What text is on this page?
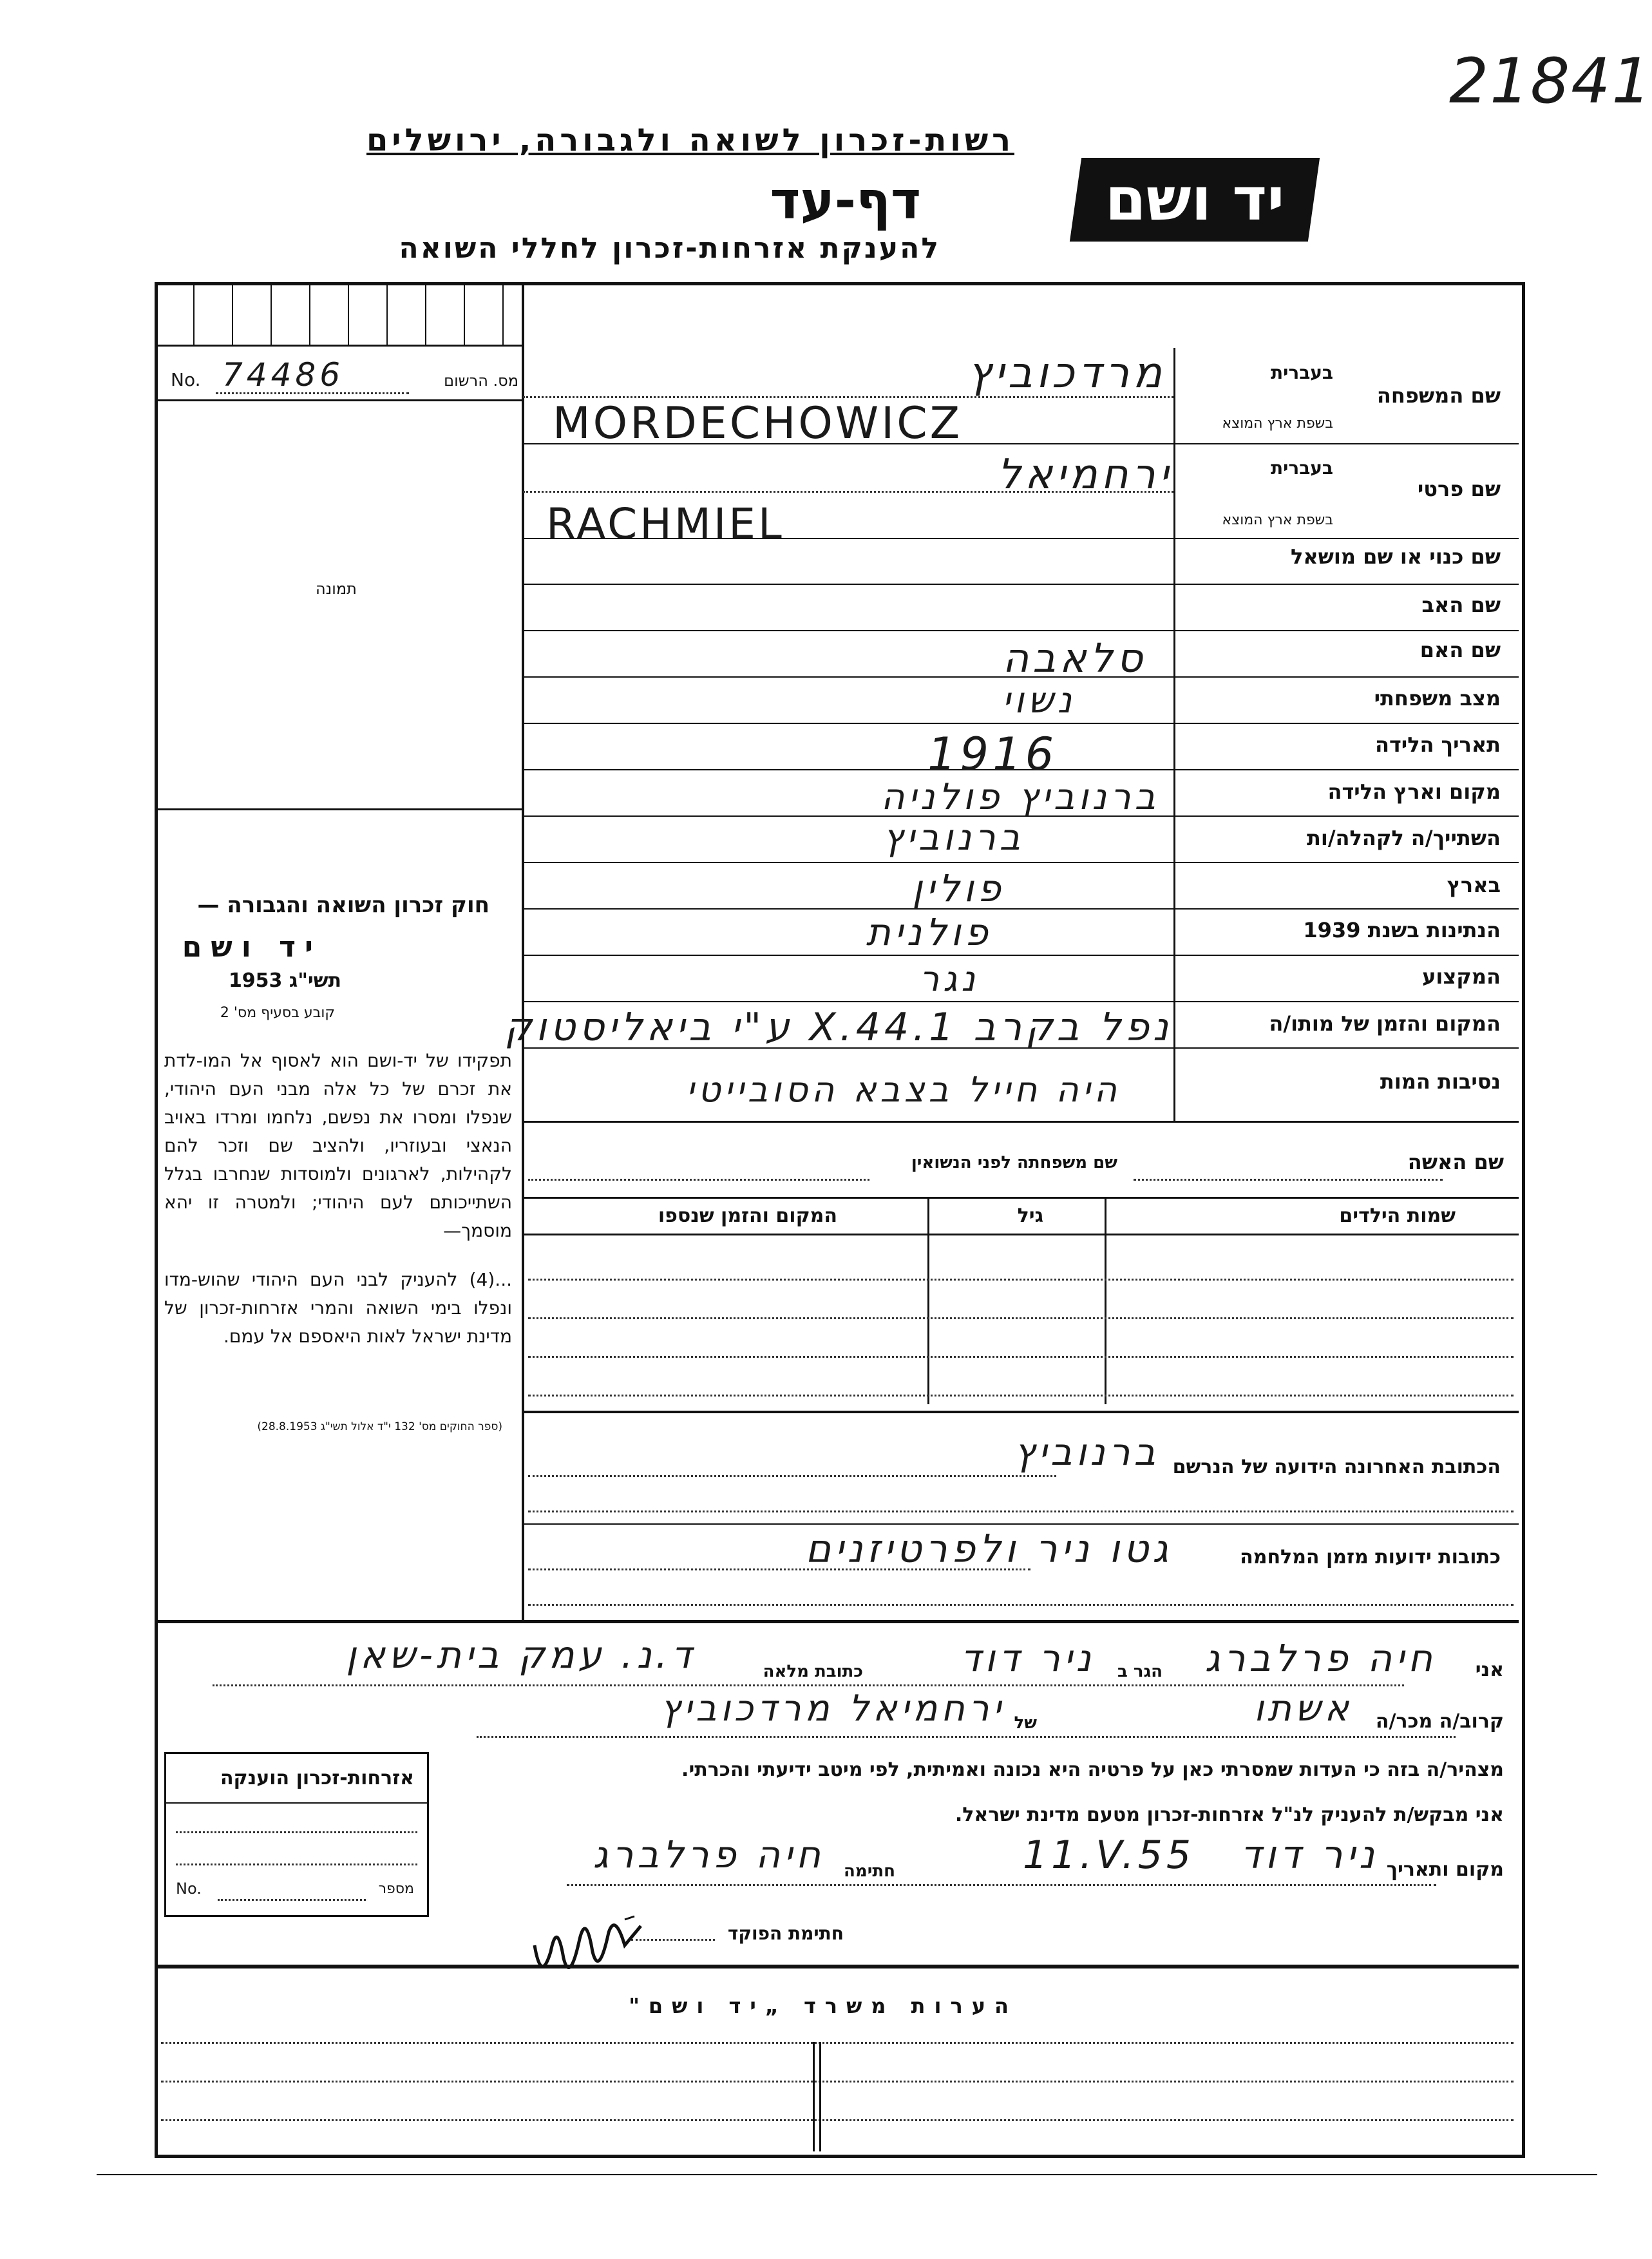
21841
רשות-זכרון לשואה ולגבורה, ירושלים
דף-עד
להענקת אזרחות-זכרון לחללי השואה
יד ושם
No. 74486	מס. הרשום
תמונה
חוק זכרון השואה והגבורה —
יד ושם
תשי"ג 1953
קובע בסעיף מס' 2
תפקידו של יד-ושם הוא לאסוף אל המו-לדת את זכרם של כל אלה מבני העם היהודי, שנפלו ומסרו את נפשם, נלחמו ומרדו באויב הנאצי ובעוזריו, ולהציב שם וזכר להם לקהילות, לארגונים ולמוסדות שנחרבו בגלל השתייכותם לעם היהודי; ולמטרה זו יהא מוסמך—
...(4) להעניק לבני העם היהודי שהוש-מדו ונפלו בימי השואה והמרי אזרחות-זכרון של מדינת ישראל לאות היאספם אל עמם.
(ספר החוקים מס' 132 י"ד אלול תשי"ג 28.8.1953)
שם המשפחה
בעברית
בשפת ארץ המוצא
מרדכוביץ
MORDECHOWICZ
שם פרטי
בעברית
בשפת ארץ המוצא
ירחמיאל
RACHMIEL
שם כנוי או שם מושאל
שם האב
שם האם
סלאבה
מצב משפחתי
נשוי
תאריך הלידה
1916
מקום וארץ הלידה
ברנוביץ פולניה
השתייך/ה לקהלה/ות
ברנוביץ
בארץ
פולין
הנתינות בשנת 1939
פולנית
המקצוע
נגר
המקום והזמן של מותו/ה
נפל בקרב 1.X.44 ע"י ביאליסטוק
נסיבות המות
היה חייל בצבא הסובייטי
שם האשה
שם משפחתה לפני הנשואין
שמות הילדים
גיל
המקום והזמן שנספו
הכתובת האחרונה הידועה של הנרשם
ברנוביץ
כתובות ידועות מזמן המלחמה
גטו ניר ולפרטיזנים
אני
חיה פרלברג
הגר ב
ניר דוד
כתובת מלאה
ד.נ. עמק בית-שאן
קרוב/ה מכר/ה
אשתו
של
ירחמיאל מרדכוביץ
מצהיר/ה בזה כי העדות שמסרתי כאן על פרטיה היא נכונה ואמיתית, לפי מיטב ידיעתי והכרתי.
אני מבקש/ת להעניק לנ"ל אזרחות-זכרון מטעם מדינת ישראל.
מקום ותאריך
ניר דוד
11.V.55
חתימה
חיה פרלברג
חתימת הפוקד
אזרחות-זכרון הוענקה
No.	מספר
הערות משרד „יד ושם"
